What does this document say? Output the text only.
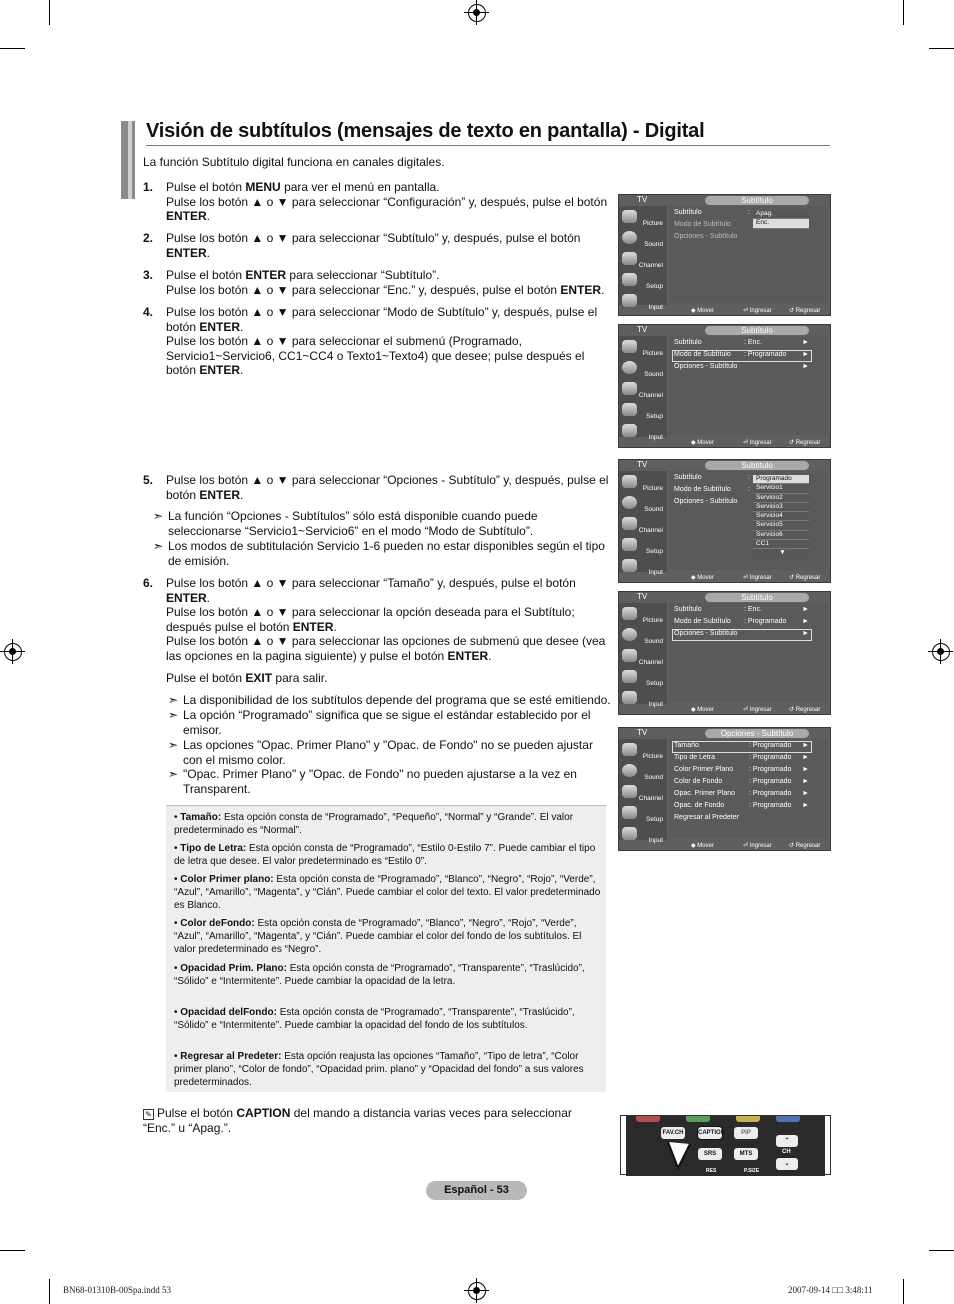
Visión de subtítulos (mensajes de texto en pantalla) - Digital
La función Subtítulo digital funciona en canales digitales.
1. Pulse el botón MENU para ver el menú en pantalla.
Pulse los botón ▲ o ▼ para seleccionar “Configuración” y, después, pulse el botón ENTER.
2. Pulse los botón ▲ o ▼ para seleccionar “Subtítulo” y, después, pulse el botón ENTER.
3. Pulse el botón ENTER para seleccionar “Subtítulo”.
Pulse los botón ▲ o ▼ para seleccionar “Enc.” y, después, pulse el botón ENTER.
4. Pulse los botón ▲ o ▼ para seleccionar “Modo de Subtítulo” y, después, pulse el botón ENTER.
Pulse los botón ▲ o ▼ para seleccionar el submenú (Programado, Servicio1~Servicio6, CC1~CC4 o Texto1~Texto4) que desee; pulse después el botón ENTER.
5. Pulse los botón ▲ o ▼ para seleccionar “Opciones - Subtítulo” y, después, pulse el botón ENTER.
➣ La función “Opciones - Subtítulos” sólo está disponible cuando puede seleccionarse “Servicio1~Servicio6” en el modo “Modo de Subtítulo”.
➣ Los modos de subtitulación Servicio 1-6 pueden no estar disponibles según el tipo de emisión.
6. Pulse los botón ▲ o ▼ para seleccionar “Tamaño” y, después, pulse el botón ENTER.
Pulse los botón ▲ o ▼ para seleccionar la opción deseada para el Subtítulo; después pulse el botón ENTER.
Pulse los botón ▲ o ▼ para seleccionar las opciones de submenú que desee (vea las opciones en la pagina siguiente) y pulse el botón ENTER.
Pulse el botón EXIT para salir.
➣ La disponibilidad de los subtítulos depende del programa que se esté emitiendo.
➣ La opción “Programado” significa que se sigue el estándar establecido por el emisor.
➣ Las opciones "Opac. Primer Plano" y "Opac. de Fondo" no se pueden ajustar con el mismo color.
➣ "Opac. Primer Plano" y "Opac. de Fondo" no pueden ajustarse a la vez en Transparent.
• Tamaño: Esta opción consta de “Programado”, “Pequeño”, “Normal” y “Grande”. El valor predeterminado es “Normal”.
• Tipo de Letra: Esta opción consta de “Programado”, “Estilo 0-Estilo 7”. Puede cambiar el tipo de letra que desee. El valor predeterminado es “Estilo 0”.
• Color Primer plano: Esta opción consta de “Programado”, “Blanco”, “Negro”, “Rojo”, “Verde”, “Azul”, “Amarillo”, “Magenta”, y “Cián”. Puede cambiar el color del texto. El valor predeterminado es Blanco.
• Color deFondo: Esta opción consta de “Programado”, “Blanco”, “Negro”, “Rojo”, “Verde”, “Azul”, “Amarillo”, “Magenta”, y “Cián”. Puede cambiar el color del fondo de los subtítulos. El valor predeterminado es “Negro”.
• Opacidad Prim. Plano: Esta opción consta de “Programado”, “Transparente”, “Traslúcido”, “Sólido” e “Intermitente”. Puede cambiar la opacidad de la letra.
• Opacidad delFondo: Esta opción consta de “Programado”, “Transparente”, “Traslúcido”, “Sólido” e “Intermitente”. Puede cambiar la opacidad del fondo de los subtítulos.
• Regresar al Predeter: Esta opción reajusta las opciones “Tamaño”, “Tipo de letra”, “Color primer plano”, “Color de fondo”, “Opacidad prim. plano” y “Opacidad del fondo” a sus valores predeterminados.
✎ Pulse el botón CAPTION del mando a distancia varias veces para seleccionar “Enc.” u “Apag.”.
TV	Subtítulo
Picture
Sound
Channel
Setup
Input
Subtítulo	:
Modo de Subtítulo
Opciones - Subtítulo
Apag.
Enc.
◆ Mover	⏎ Ingresar	↺ Regresar
TV	Subtítulo
Picture
Sound
Channel
Setup
Input
Subtítulo	: Enc.	►
Modo de Subtítulo : Programado ►
Opciones - Subtítulo	►
◆ Mover	⏎ Ingresar	↺ Regresar
TV	Subtítulo
Picture
Sound
Channel
Setup
Input
Subtítulo	:
Modo de Subtítulo :
Opciones - Subtítulo
Programado
Servicio1
Servicio2
Servicio3
Servicio4
Servicio5
Servicio6
CC1
▼
◆ Mover	⏎ Ingresar	↺ Regresar
TV	Subtítulo
Picture
Sound
Channel
Setup
Input
Subtítulo	: Enc.	►
Modo de Subtítulo : Programado ►
Opciones - Subtítulo	►
◆ Mover	⏎ Ingresar	↺ Regresar
TV	Opciones - Subtítulo
Picture
Sound
Channel
Setup
Input
Tamaño	: Programado ►
Tipo de Letra	: Programado ►
Color Primer Plano : Programado ►
Color de Fondo	: Programado ►
Opac. Primer Plano : Programado ►
Opac. de Fondo	: Programado ►
Regresar al Predeter
◆ Mover	⏎ Ingresar	↺ Regresar
FAV.CH CAPTION	PIP
⌃
SRS	MTS	CH
⌄
RES	P.SIZE
Español - 53
BN68-01310B-00Spa.indd 53	2007-09-14 □□ 3:48:11
